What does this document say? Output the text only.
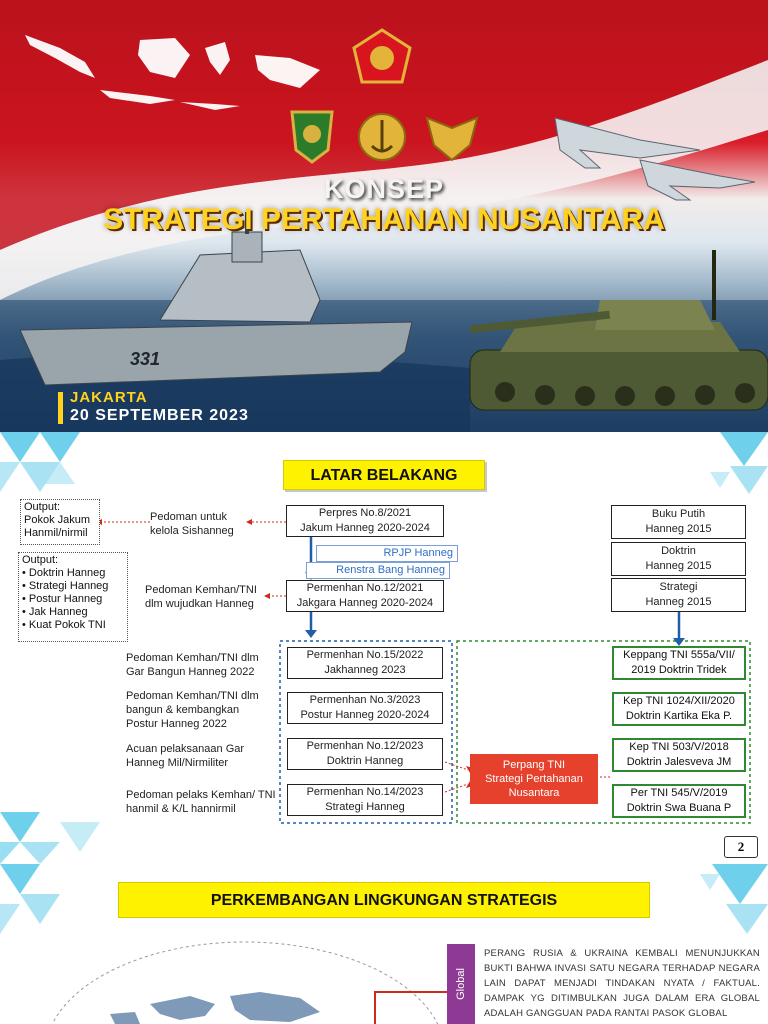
331
KONSEP
STRATEGI PERTAHANAN NUSANTARA
JAKARTA
20 SEPTEMBER 2023
LATAR BELAKANG
Output:
Pokok Jakum
Hanmil/nirmil
Output:
• Doktrin Hanneg
• Strategi Hanneg
• Postur Hanneg
• Jak Hanneg
• Kuat Pokok TNI
Pedoman untuk kelola Sishanneg
Pedoman Kemhan/TNI dlm wujudkan Hanneg
Pedoman Kemhan/TNI dlm Gar Bangun Hanneg 2022
Pedoman Kemhan/TNI dlm bangun & kembangkan Postur Hanneg 2022
Acuan pelaksanaan Gar Hanneg Mil/Nirmiliter
Pedoman pelaks Kemhan/ TNI hanmil & K/L hannirmil
Perpres No.8/2021
Jakum Hanneg 2020-2024
RPJP Hanneg
Renstra Bang Hanneg
Permenhan No.12/2021
Jakgara Hanneg 2020-2024
Permenhan No.15/2022
Jakhanneg 2023
Permenhan No.3/2023
Postur Hanneg 2020-2024
Permenhan No.12/2023
Doktrin Hanneg
Permenhan No.14/2023
Strategi Hanneg
Perpang TNI
Strategi Pertahanan
Nusantara
Buku Putih
Hanneg 2015
Doktrin
Hanneg 2015
Strategi
Hanneg 2015
Keppang TNI 555a/VII/
2019 Doktrin Tridek
Kep TNI 1024/XII/2020
Doktrin Kartika Eka P.
Kep TNI 503/V/2018
Doktrin Jalesveva JM
Per TNI 545/V/2019
Doktrin Swa Buana P
2
PERKEMBANGAN LINGKUNGAN STRATEGIS
Global
PERANG RUSIA & UKRAINA KEMBALI MENUNJUKKAN BUKTI BAHWA INVASI SATU NEGARA TERHADAP NEGARA LAIN DAPAT MENJADI TINDAKAN NYATA / FAKTUAL. DAMPAK YG DITIMBULKAN JUGA DALAM ERA GLOBAL ADALAH GANGGUAN PADA RANTAI PASOK GLOBAL
